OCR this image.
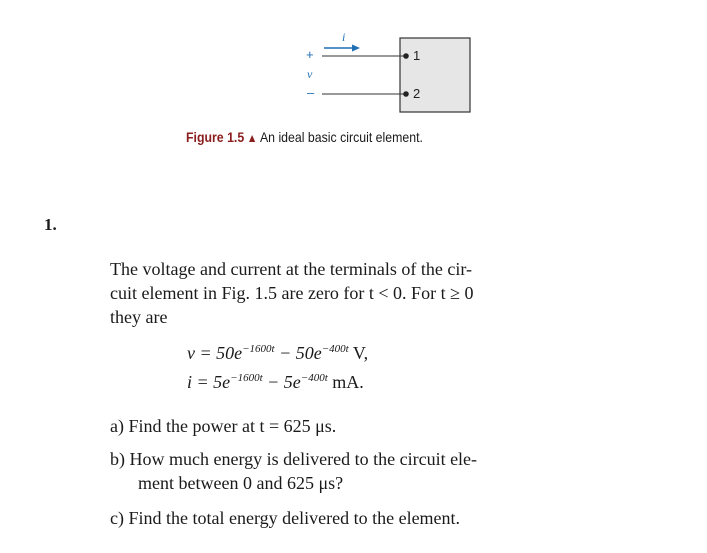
i
+
v
–
1
2
Figure 1.5 ▲ An ideal basic circuit element.
1.
The voltage and current at the terminals of the cir-
cuit element in Fig. 1.5 are zero for t < 0. For t ≥ 0
they are
$v = 50e^{-1600t} - 50e^{-400t}$ V,
$i = 5e^{-1600t} - 5e^{-400t}$ mA.
a) Find the power at t = 625 μs.
b) How much energy is delivered to the circuit ele-
ment between 0 and 625 μs?
c) Find the total energy delivered to the element.
